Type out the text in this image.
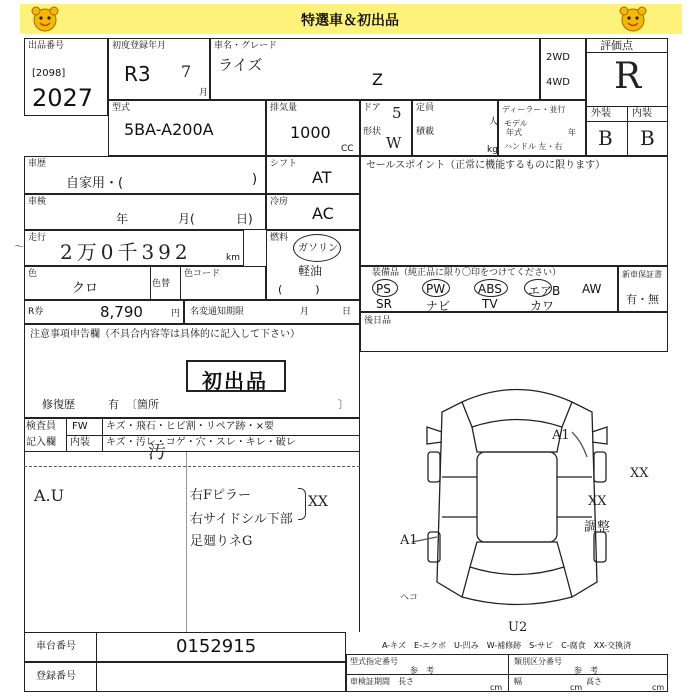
特選車＆初出品
出品番号
[2098]
2027
初度登録年月
R3 7
月
車名・グレード
ライズ
Z
2WD
4WD
評価点
R
外装 内装
B B
型式
5BA-A200A
排気量
1000
CC
ドア 5
形状
W
定員
人
積載
kg
ディーラー・並行
モデル
年式	年
ハンドル 左・右
車歴
自家用・(	)
車検
年	月(	日)
走行
2万0千392	km
〜
色
クロ	色替
色コード
シフト
AT
冷房
AC
燃料
ガソリン
軽油
(　　　)
セールスポイント（正常に機能するものに限ります）
装備品（純正品に限り〇印をつけてください）
PS	PW	ABS エアB AW
SR	ナビ	TV	カワ
新車保証書
有・無
R券	8,790	円 名変通知期限	月	日
後日品
注意事項申告欄（不具合内容等は具体的に記入して下さい）
初出品
修復歴	有 〔箇所	〕
検査員
記入欄
FW
内装
キズ・飛石・ヒビ割・リペア跡・×要
キズ・汚レ・コゲ・穴・スレ・キレ・破レ
汚
A.U	右Fピラー
右サイドシル下部
足廻りネG
XX
A1
XX
XX
調整
A1
ヘコ
U2
A-キズ　E-エクボ　U-凹み　W-補修跡　S-サビ　C-腐食　XX-交換済
車台番号	0152915
登録番号
型式指定番号
参　考
類別区分番号
参　考
車検証期間 長さ
cm
幅
cm
高さ
cm
